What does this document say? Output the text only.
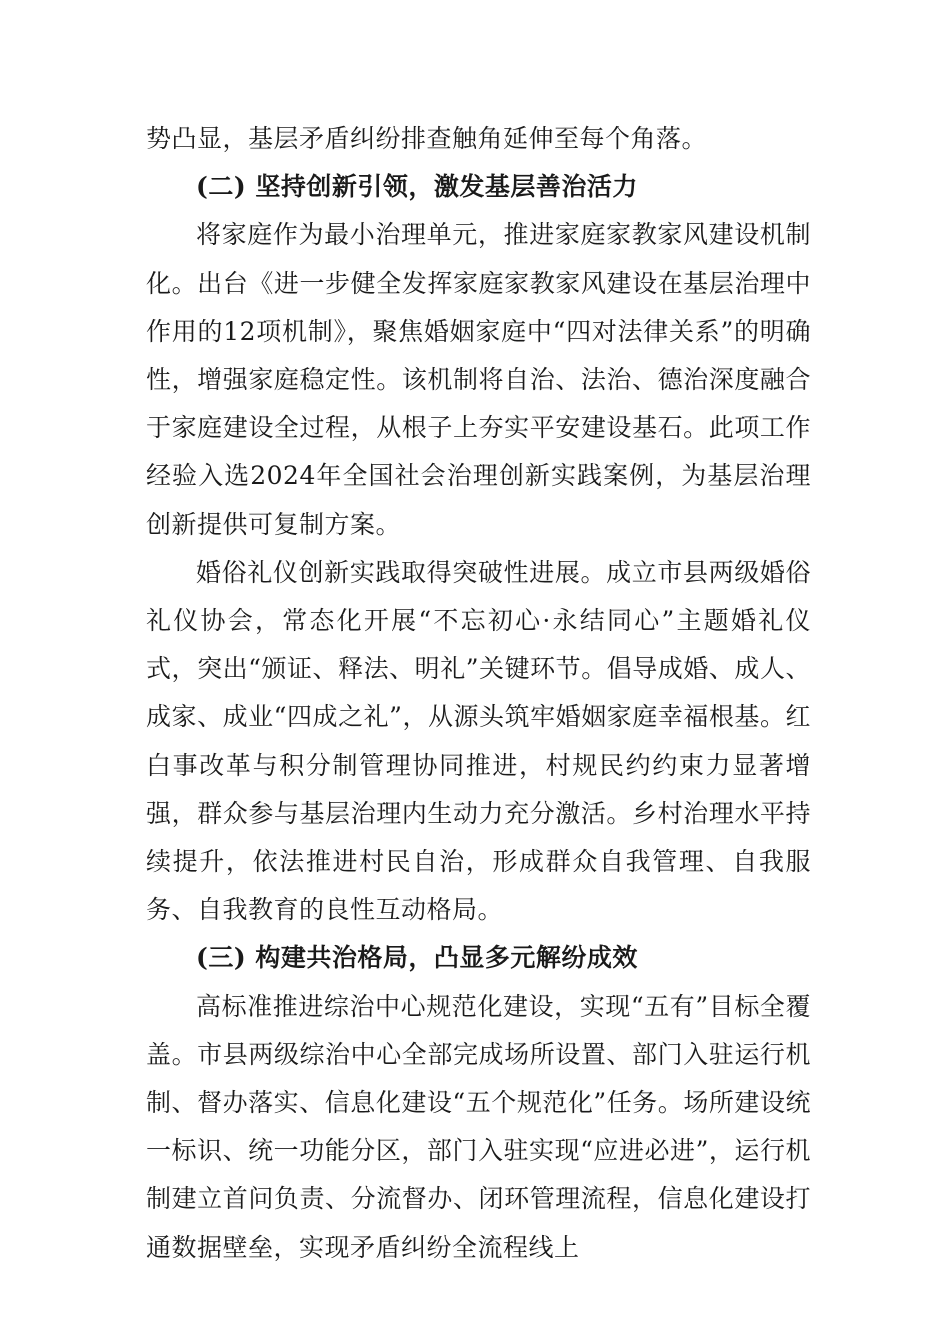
势凸显，基层矛盾纠纷排查触角延伸至每个角落。

(二) 坚持创新引领，激发基层善治活力

将家庭作为最小治理单元，推进家庭家教家风建设机制化。出台《进一步健全发挥家庭家教家风建设在基层治理中作用的12项机制》，聚焦婚姻家庭中“四对法律关系”的明确性，增强家庭稳定性。该机制将自治、法治、德治深度融合于家庭建设全过程，从根子上夯实平安建设基石。此项工作经验入选2024年全国社会治理创新实践案例，为基层治理创新提供可复制方案。

婚俗礼仪创新实践取得突破性进展。成立市县两级婚俗礼仪协会，常态化开展“不忘初心·永结同心”主题婚礼仪式，突出“颁证、释法、明礼”关键环节。倡导成婚、成人、成家、成业“四成之礼”，从源头筑牢婚姻家庭幸福根基。红白事改革与积分制管理协同推进，村规民约约束力显著增强，群众参与基层治理内生动力充分激活。乡村治理水平持续提升，依法推进村民自治，形成群众自我管理、自我服务、自我教育的良性互动格局。

(三) 构建共治格局，凸显多元解纷成效

高标准推进综治中心规范化建设，实现“五有”目标全覆盖。市县两级综治中心全部完成场所设置、部门入驻运行机制、督办落实、信息化建设“五个规范化”任务。场所建设统一标识、统一功能分区，部门入驻实现“应进必进”，运行机制建立首问负责、分流督办、闭环管理流程，信息化建设打通数据壁垒，实现矛盾纠纷全流程线上
